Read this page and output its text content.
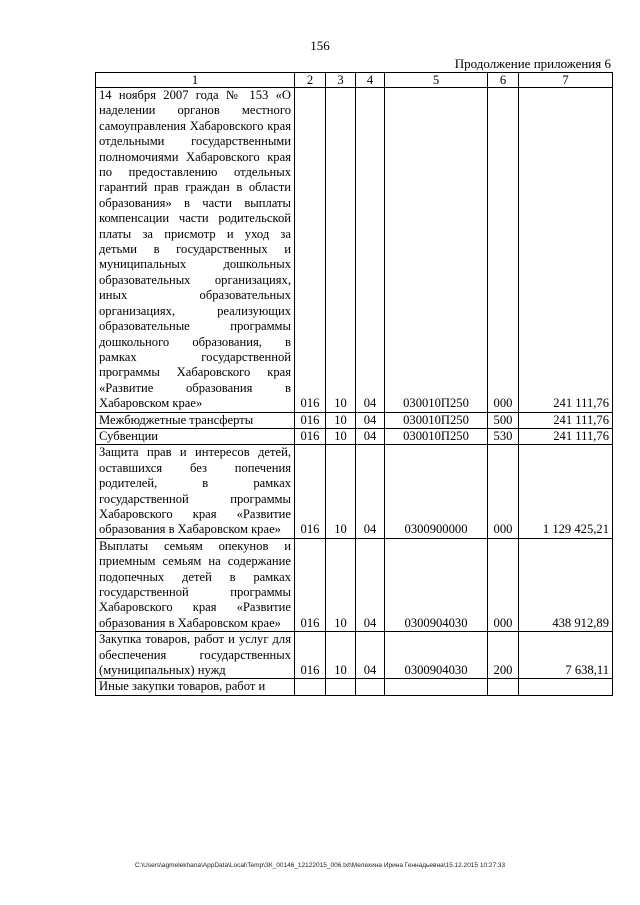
156
Продолжение приложения 6
1	2	3	4	5	6	7
14 ноября 2007 года № 153 «О наделении органов местного самоуправления Хабаровского края отдельными государственными полномочиями Хабаровского края по предоставлению отдельных гарантий прав граждан в области образования» в части выплаты компенсации части родительской платы за присмотр и уход за детьми в государственных и муниципальных дошкольных образовательных организациях, иных образовательных организациях, реализующих образовательные программы дошкольного образования, в рамках государственной программы Хабаровского края «Развитие образования в Хабаровском крае»	016	10	04	030010П250	000	241 111,76
Межбюджетные трансферты	016	10	04	030010П250	500	241 111,76
Субвенции	016	10	04	030010П250	530	241 111,76
Защита прав и интересов детей, оставшихся без попечения родителей, в рамках государственной программы Хабаровского края «Развитие образования в Хабаровском крае»	016	10	04	0300900000	000	1 129 425,21
Выплаты семьям опекунов и приемным семьям на содержание подопечных детей в рамках государственной программы Хабаровского края «Развитие образования в Хабаровском крае»	016	10	04	0300904030	000	438 912,89
Закупка товаров, работ и услуг для обеспечения государственных (муниципальных) нужд	016	10	04	0300904030	200	7 638,11
Иные закупки товаров, работ и						
C:\Users\agmelekhana\AppData\Local\Temp\ЗК_00146_12122015_006.txt\Мелехина Ирина Геннадьевна\15.12.2015 10:27:33
